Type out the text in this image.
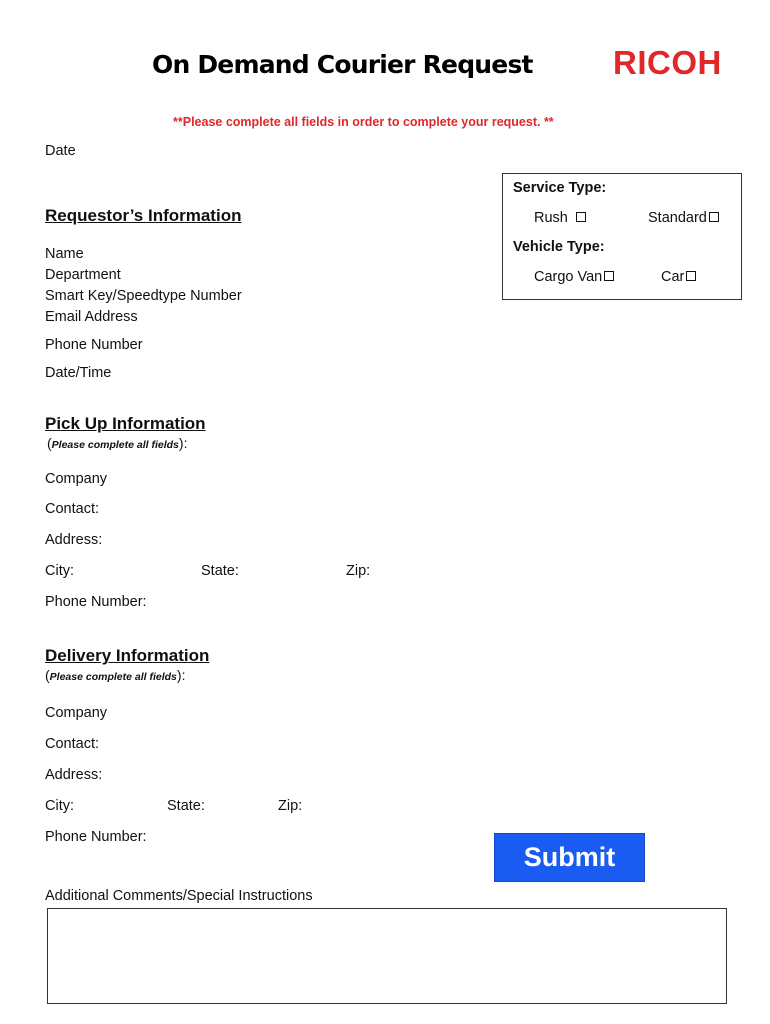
On Demand Courier Request RICOH
**Please complete all fields in order to complete your request. **
Date
Requestor’s Information
Name
Department
Smart Key/Speedtype Number
Email Address
Phone Number
Date/Time
Service Type:
Rush	Standard
Vehicle Type:
Cargo Van	Car
Pick Up Information
(Please complete all fields):
Company
Contact:
Address:
City:	State:	Zip:
Phone Number:
Delivery Information
(Please complete all fields):
Company
Contact:
Address:
City:	State:	Zip:
Phone Number:
Submit
Additional Comments/Special Instructions
